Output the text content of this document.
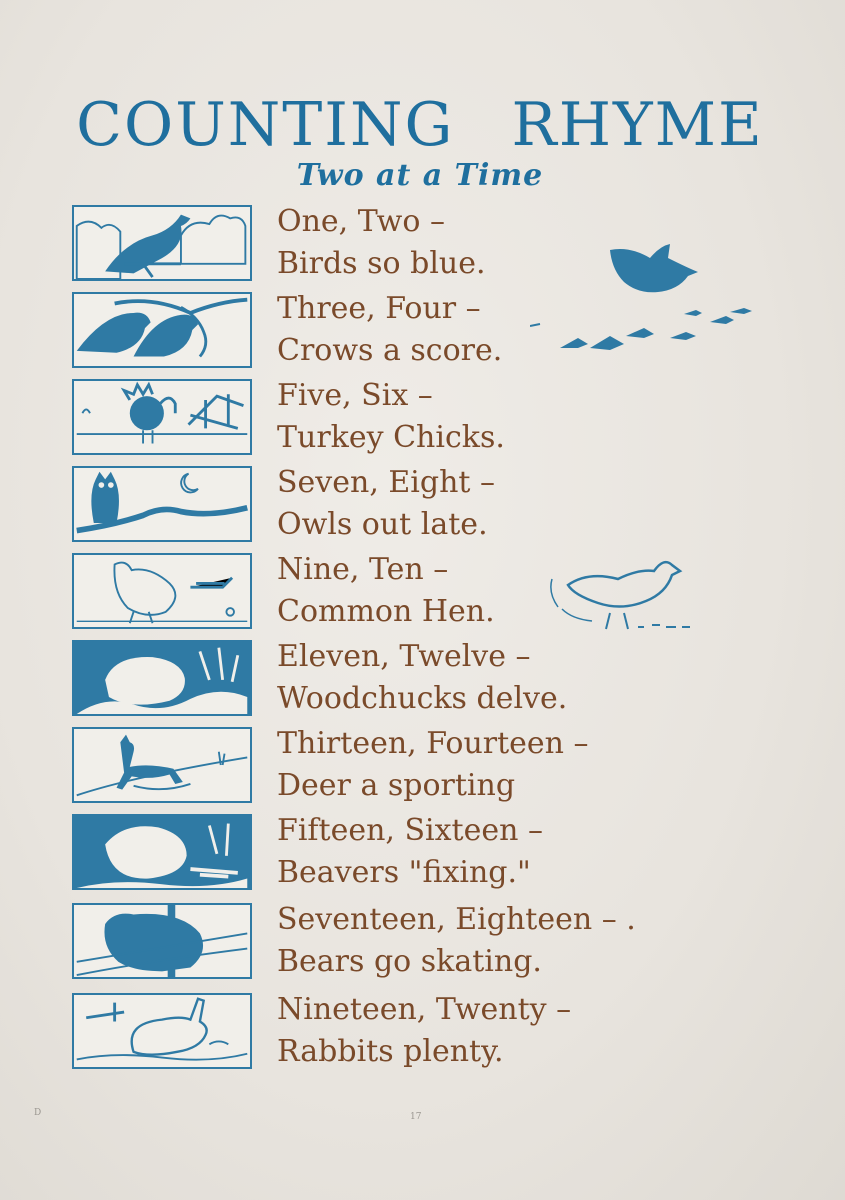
COUNTING RHYME
Two at a Time
One, Two –
Birds so blue.
Three, Four –
Crows a score.
Five, Six –
Turkey Chicks.
Seven, Eight –
Owls out late.
Nine, Ten –
Common Hen.
Eleven, Twelve –
Woodchucks delve.
Thirteen, Fourteen –
Deer a sporting
Fifteen, Sixteen –
Beavers "fixing."
Seventeen, Eighteen – .
Bears go skating.
Nineteen, Twenty –
Rabbits plenty.
D	17
